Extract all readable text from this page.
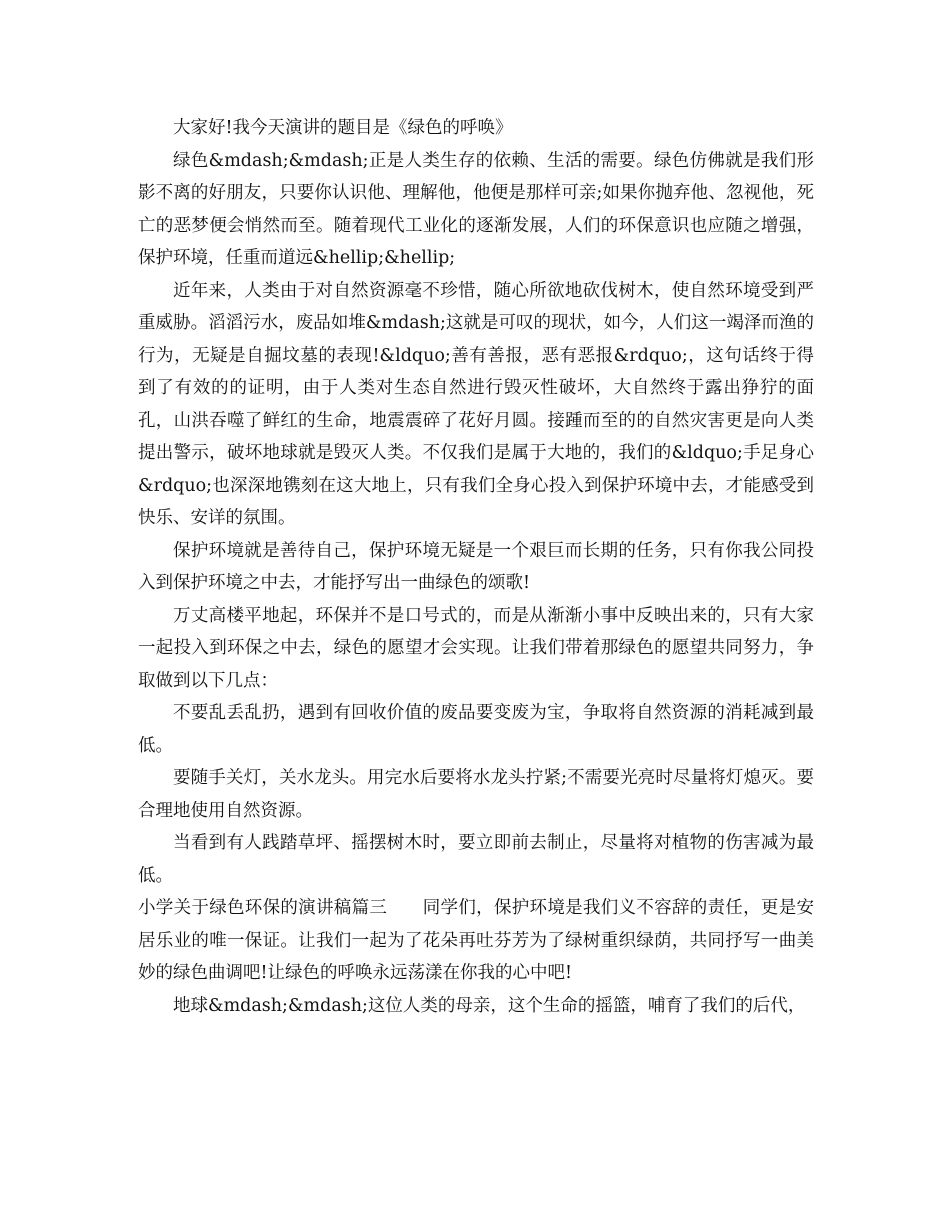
大家好!我今天演讲的题目是《绿色的呼唤》

绿色&mdash;&mdash;正是人类生存的依赖、生活的需要。绿色仿佛就是我们形影不离的好朋友，只要你认识他、理解他，他便是那样可亲;如果你抛弃他、忽视他，死亡的恶梦便会悄然而至。随着现代工业化的逐渐发展，人们的环保意识也应随之增强，保护环境，任重而道远&hellip;&hellip;

近年来，人类由于对自然资源毫不珍惜，随心所欲地砍伐树木，使自然环境受到严重威胁。滔滔污水，废品如堆&mdash;这就是可叹的现状，如今，人们这一竭泽而渔的行为，无疑是自掘坟墓的表现!&ldquo;善有善报，恶有恶报&rdquo;，这句话终于得到了有效的的证明，由于人类对生态自然进行毁灭性破坏，大自然终于露出狰狞的面孔，山洪吞噬了鲜红的生命，地震震碎了花好月圆。接踵而至的的自然灾害更是向人类提出警示，破坏地球就是毁灭人类。不仅我们是属于大地的，我们的&ldquo;手足身心&rdquo;也深深地镌刻在这大地上，只有我们全身心投入到保护环境中去，才能感受到快乐、安详的氛围。

保护环境就是善待自己，保护环境无疑是一个艰巨而长期的任务，只有你我公同投入到保护环境之中去，才能抒写出一曲绿色的颂歌!

万丈高楼平地起，环保并不是口号式的，而是从渐渐小事中反映出来的，只有大家一起投入到环保之中去，绿色的愿望才会实现。让我们带着那绿色的愿望共同努力，争取做到以下几点：

不要乱丢乱扔，遇到有回收价值的废品要变废为宝，争取将自然资源的消耗减到最低。

要随手关灯，关水龙头。用完水后要将水龙头拧紧;不需要光亮时尽量将灯熄灭。要合理地使用自然资源。

当看到有人践踏草坪、摇摆树木时，要立即前去制止，尽量将对植物的伤害减为最低。

小学关于绿色环保的演讲稿篇三　　同学们，保护环境是我们义不容辞的责任，更是安居乐业的唯一保证。让我们一起为了花朵再吐芬芳为了绿树重织绿荫，共同抒写一曲美妙的绿色曲调吧!让绿色的呼唤永远荡漾在你我的心中吧!

地球&mdash;&mdash;这位人类的母亲，这个生命的摇篮，哺育了我们的后代，
